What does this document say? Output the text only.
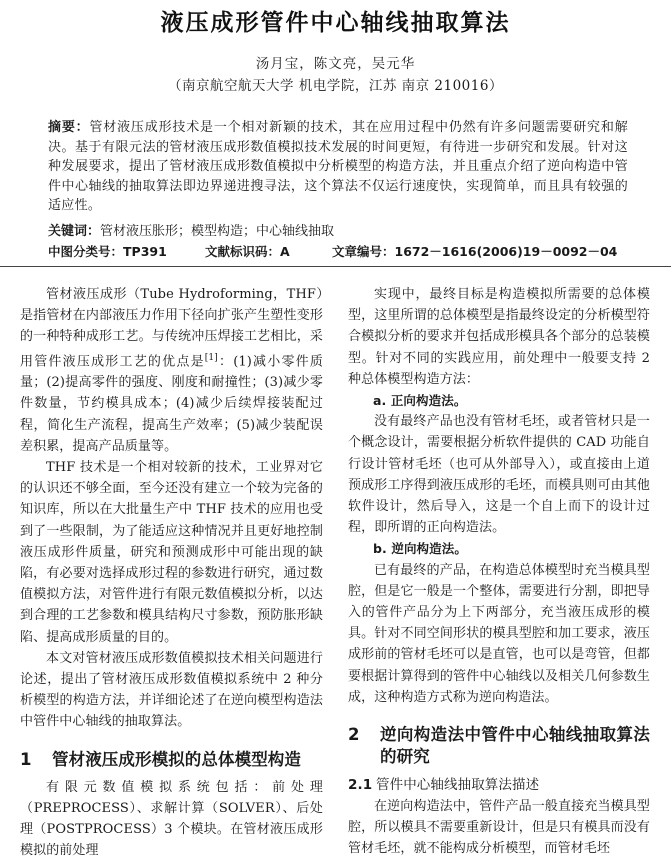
液压成形管件中心轴线抽取算法
汤月宝，陈文亮，吴元华
（南京航空航天大学 机电学院，江苏 南京 210016）
摘要：管材液压成形技术是一个相对新颖的技术，其在应用过程中仍然有许多问题需要研究和解决。基于有限元法的管材液压成形数值模拟技术发展的时间更短，有待进一步研究和发展。针对这种发展要求，提出了管材液压成形数值模拟中分析模型的构造方法，并且重点介绍了逆向构造中管件中心轴线的抽取算法即边界递进搜寻法，这个算法不仅运行速度快，实现简单，而且具有较强的适应性。
关键词：管材液压胀形；模型构造；中心轴线抽取
中图分类号：TP391	文献标识码：A	文章编号：1672－1616(2006)19－0092－04

管材液压成形（Tube Hydroforming，THF）是指管材在内部液压力作用下径向扩张产生塑性变形的一种特种成形工艺。与传统冲压焊接工艺相比，采用管件液压成形工艺的优点是[1]：(1)减小零件质量；(2)提高零件的强度、刚度和耐撞性；(3)减少零件数量，节约模具成本；(4)减少后续焊接装配过程，简化生产流程，提高生产效率；(5)减少装配误差积累，提高产品质量等。

THF 技术是一个相对较新的技术，工业界对它的认识还不够全面，至今还没有建立一个较为完备的知识库，所以在大批量生产中 THF 技术的应用也受到了一些限制，为了能适应这种情况并且更好地控制液压成形件质量，研究和预测成形中可能出现的缺陷，有必要对选择成形过程的参数进行研究，通过数值模拟方法，对管件进行有限元数值模拟分析，以达到合理的工艺参数和模具结构尺寸参数，预防胀形缺陷、提高成形质量的目的。

本文对管材液压成形数值模拟技术相关问题进行论述，提出了管材液压成形数值模拟系统中 2 种分析模型的构造方法，并详细论述了在逆向模型构造法中管件中心轴线的抽取算法。

1	管材液压成形模拟的总体模型构造

有限元数值模拟系统包括：前处理（PREPROCESS）、求解计算（SOLVER）、后处理（POSTPROCESS）3 个模块。在管材液压成形模拟的前处理

实现中，最终目标是构造模拟所需要的总体模型，这里所谓的总体模型是指最终设定的分析模型符合模拟分析的要求并包括成形模具各个部分的总装模型。针对不同的实践应用，前处理中一般要支持 2 种总体模型构造方法：

a. 正向构造法。

没有最终产品也没有管材毛坯，或者管材只是一个概念设计，需要根据分析软件提供的 CAD 功能自行设计管材毛坯（也可从外部导入），或直接由上道预成形工序得到液压成形的毛坯，而模具则可由其他软件设计，然后导入，这是一个自上而下的设计过程，即所谓的正向构造法。

b. 逆向构造法。

已有最终的产品，在构造总体模型时充当模具型腔，但是它一般是一个整体，需要进行分割，即把导入的管件产品分为上下两部分，充当液压成形的模具。针对不同空间形状的模具型腔和加工要求，液压成形前的管材毛坯可以是直管，也可以是弯管，但都要根据计算得到的管件中心轴线以及相关几何参数生成，这种构造方式称为逆向构造法。

2	逆向构造法中管件中心轴线抽取算法的研究
2.1 管件中心轴线抽取算法描述

在逆向构造法中，管件产品一般直接充当模具型腔，所以模具不需要重新设计，但是只有模具而没有管材毛坯，就不能构成分析模型，而管材毛坯
